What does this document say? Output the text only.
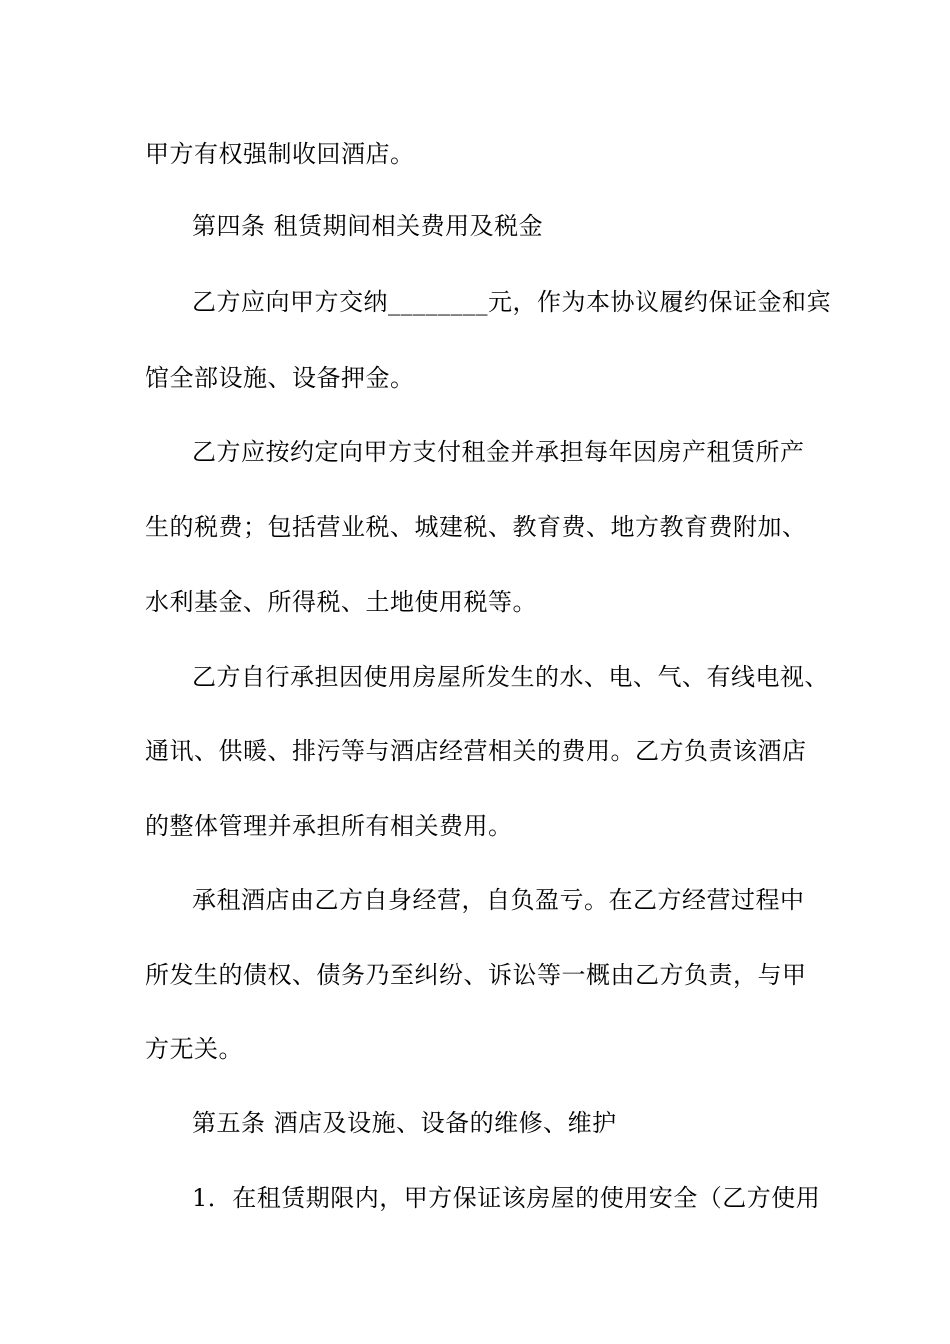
甲方有权强制收回酒店。
第四条 租赁期间相关费用及税金
乙方应向甲方交纳________元，作为本协议履约保证金和宾
馆全部设施、设备押金。
乙方应按约定向甲方支付租金并承担每年因房产租赁所产
生的税费；包括营业税、城建税、教育费、地方教育费附加、
水利基金、所得税、土地使用税等。
乙方自行承担因使用房屋所发生的水、电、气、有线电视、
通讯、供暖、排污等与酒店经营相关的费用。乙方负责该酒店
的整体管理并承担所有相关费用。
承租酒店由乙方自身经营，自负盈亏。在乙方经营过程中
所发生的债权、债务乃至纠纷、诉讼等一概由乙方负责，与甲
方无关。
第五条 酒店及设施、设备的维修、维护
1．在租赁期限内，甲方保证该房屋的使用安全（乙方使用
